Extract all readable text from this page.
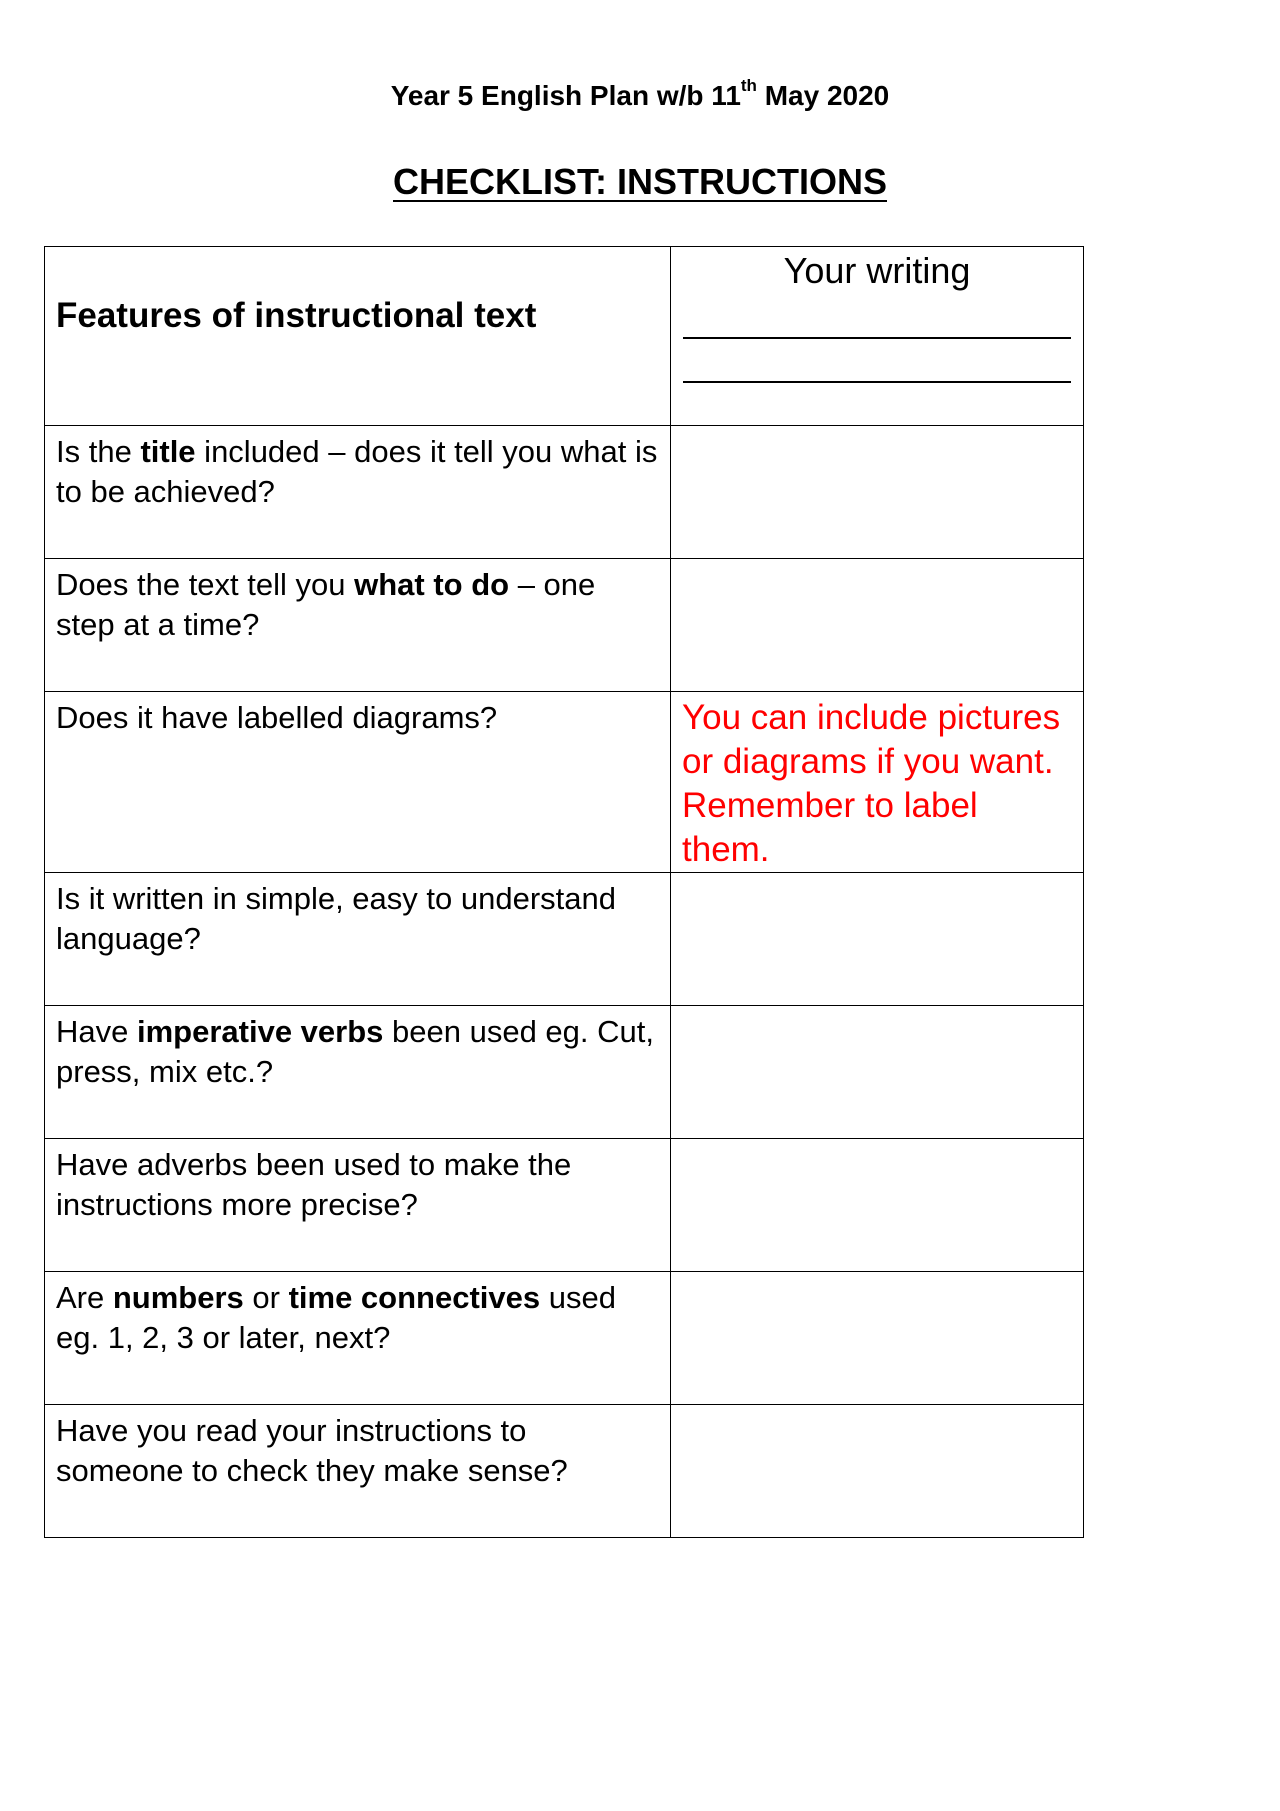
Year 5 English Plan w/b 11th May 2020
CHECKLIST: INSTRUCTIONS
Features of instructional text	Your writing

Is the title included – does it tell you what is to be achieved?	

Does the text tell you what to do – one step at a time?	

Does it have labelled diagrams?	You can include pictures or diagrams if you want. Remember to label them.

Is it written in simple, easy to understand language?	

Have imperative verbs been used eg. Cut, press, mix etc.?	

Have adverbs been used to make the instructions more precise?	

Are numbers or time connectives used eg. 1, 2, 3 or later, next?	

Have you read your instructions to someone to check they make sense?	
